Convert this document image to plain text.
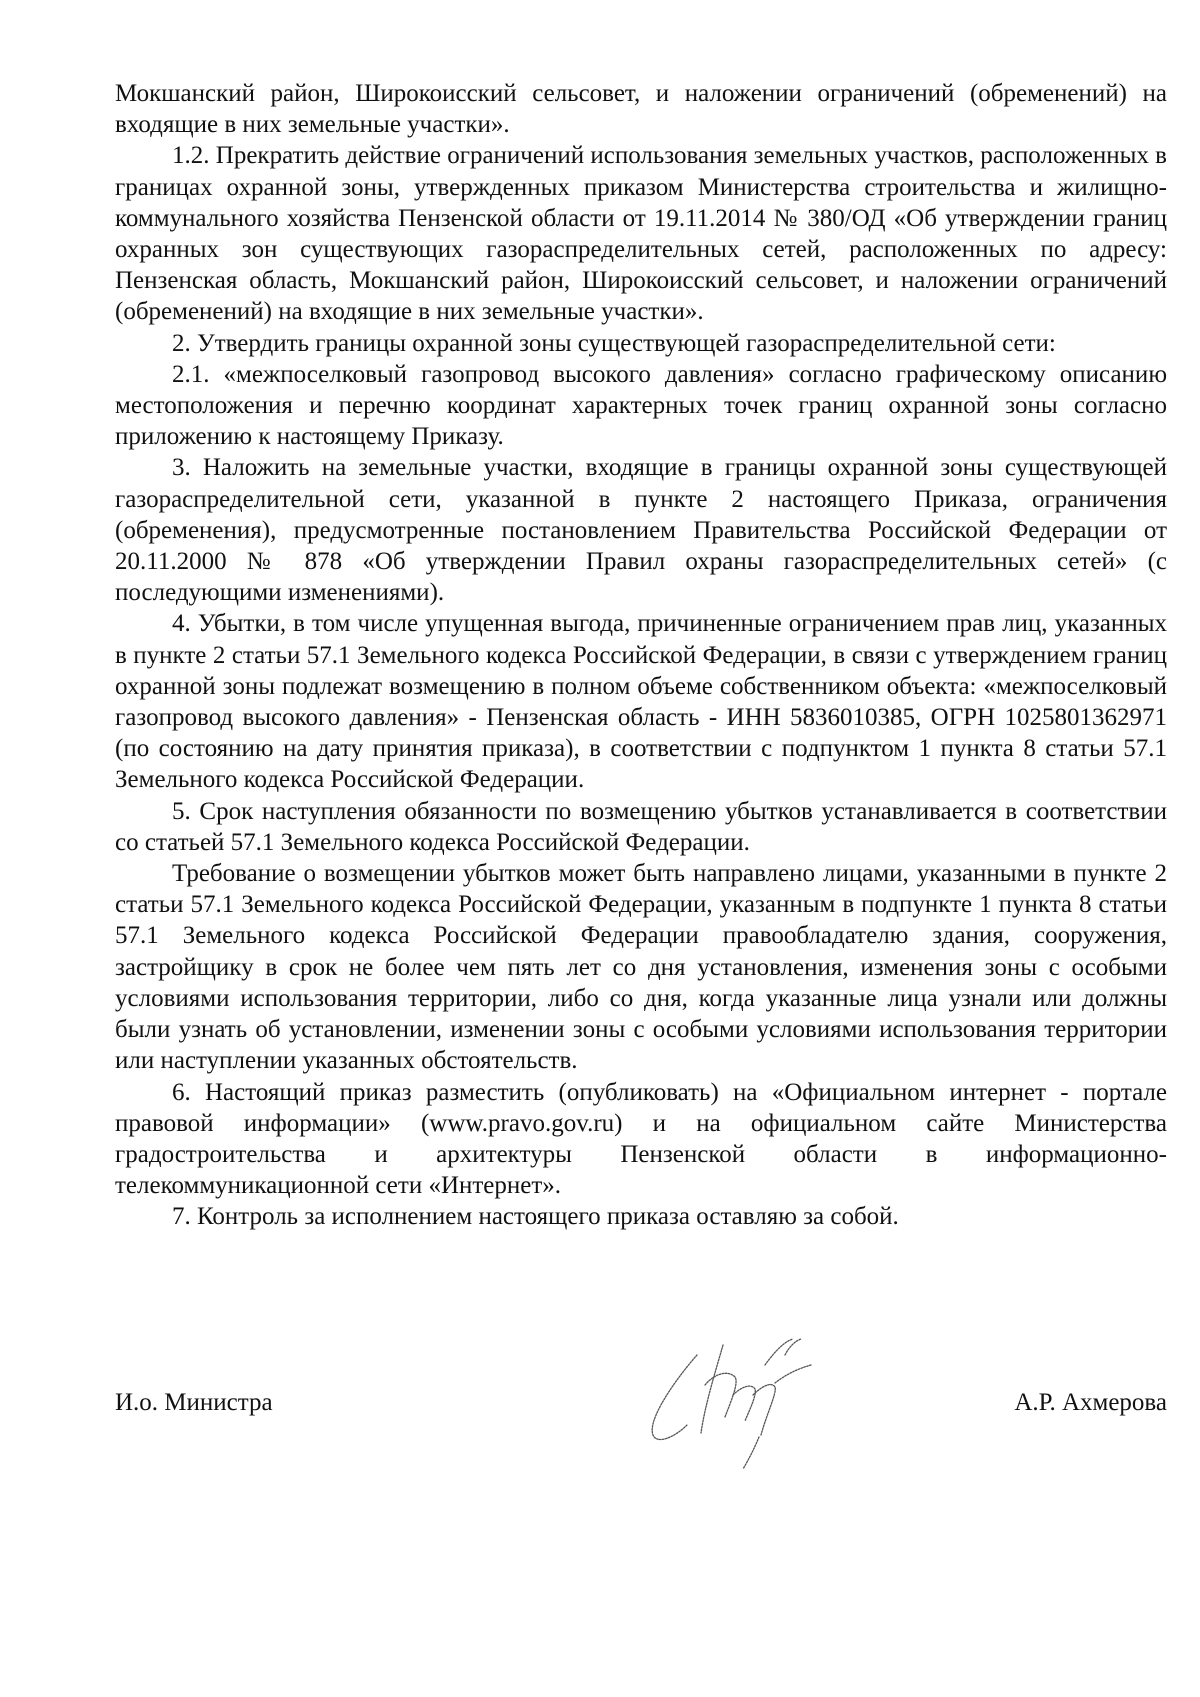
Мокшанский район, Широкоисский сельсовет, и наложении ограничений (обременений) на входящие в них земельные участки».

1.2. Прекратить действие ограничений использования земельных участков, расположенных в границах охранной зоны, утвержденных приказом Министерства строительства и жилищно-коммунального хозяйства Пензенской области от 19.11.2014 № 380/ОД «Об утверждении границ охранных зон существующих газораспределительных сетей, расположенных по адресу: Пензенская область, Мокшанский район, Широкоисский сельсовет, и наложении ограничений (обременений) на входящие в них земельные участки».

2. Утвердить границы охранной зоны существующей газораспределительной сети:

2.1. «межпоселковый газопровод высокого давления» согласно графическому описанию местоположения и перечню координат характерных точек границ охранной зоны согласно приложению к настоящему Приказу.

3. Наложить на земельные участки, входящие в границы охранной зоны существующей газораспределительной сети, указанной в пункте 2 настоящего Приказа, ограничения (обременения), предусмотренные постановлением Правительства Российской Федерации от 20.11.2000 № 878 «Об утверждении Правил охраны газораспределительных сетей» (с последующими изменениями).

4. Убытки, в том числе упущенная выгода, причиненные ограничением прав лиц, указанных в пункте 2 статьи 57.1 Земельного кодекса Российской Федерации, в связи с утверждением границ охранной зоны подлежат возмещению в полном объеме собственником объекта: «межпоселковый газопровод высокого давления» - Пензенская область - ИНН 5836010385, ОГРН 1025801362971 (по состоянию на дату принятия приказа), в соответствии с подпунктом 1 пункта 8 статьи 57.1 Земельного кодекса Российской Федерации.

5. Срок наступления обязанности по возмещению убытков устанавливается в соответствии со статьей 57.1 Земельного кодекса Российской Федерации.

Требование о возмещении убытков может быть направлено лицами, указанными в пункте 2 статьи 57.1 Земельного кодекса Российской Федерации, указанным в подпункте 1 пункта 8 статьи 57.1 Земельного кодекса Российской Федерации правообладателю здания, сооружения, застройщику в срок не более чем пять лет со дня установления, изменения зоны с особыми условиями использования территории, либо со дня, когда указанные лица узнали или должны были узнать об установлении, изменении зоны с особыми условиями использования территории или наступлении указанных обстоятельств.

6. Настоящий приказ разместить (опубликовать) на «Официальном интернет - портале правовой информации» (www.pravo.gov.ru) и на официальном сайте Министерства градостроительства и архитектуры Пензенской области в информационно-телекоммуникационной сети «Интернет».

7. Контроль за исполнением настоящего приказа оставляю за собой.

И.о. Министра	А.Р. Ахмерова
